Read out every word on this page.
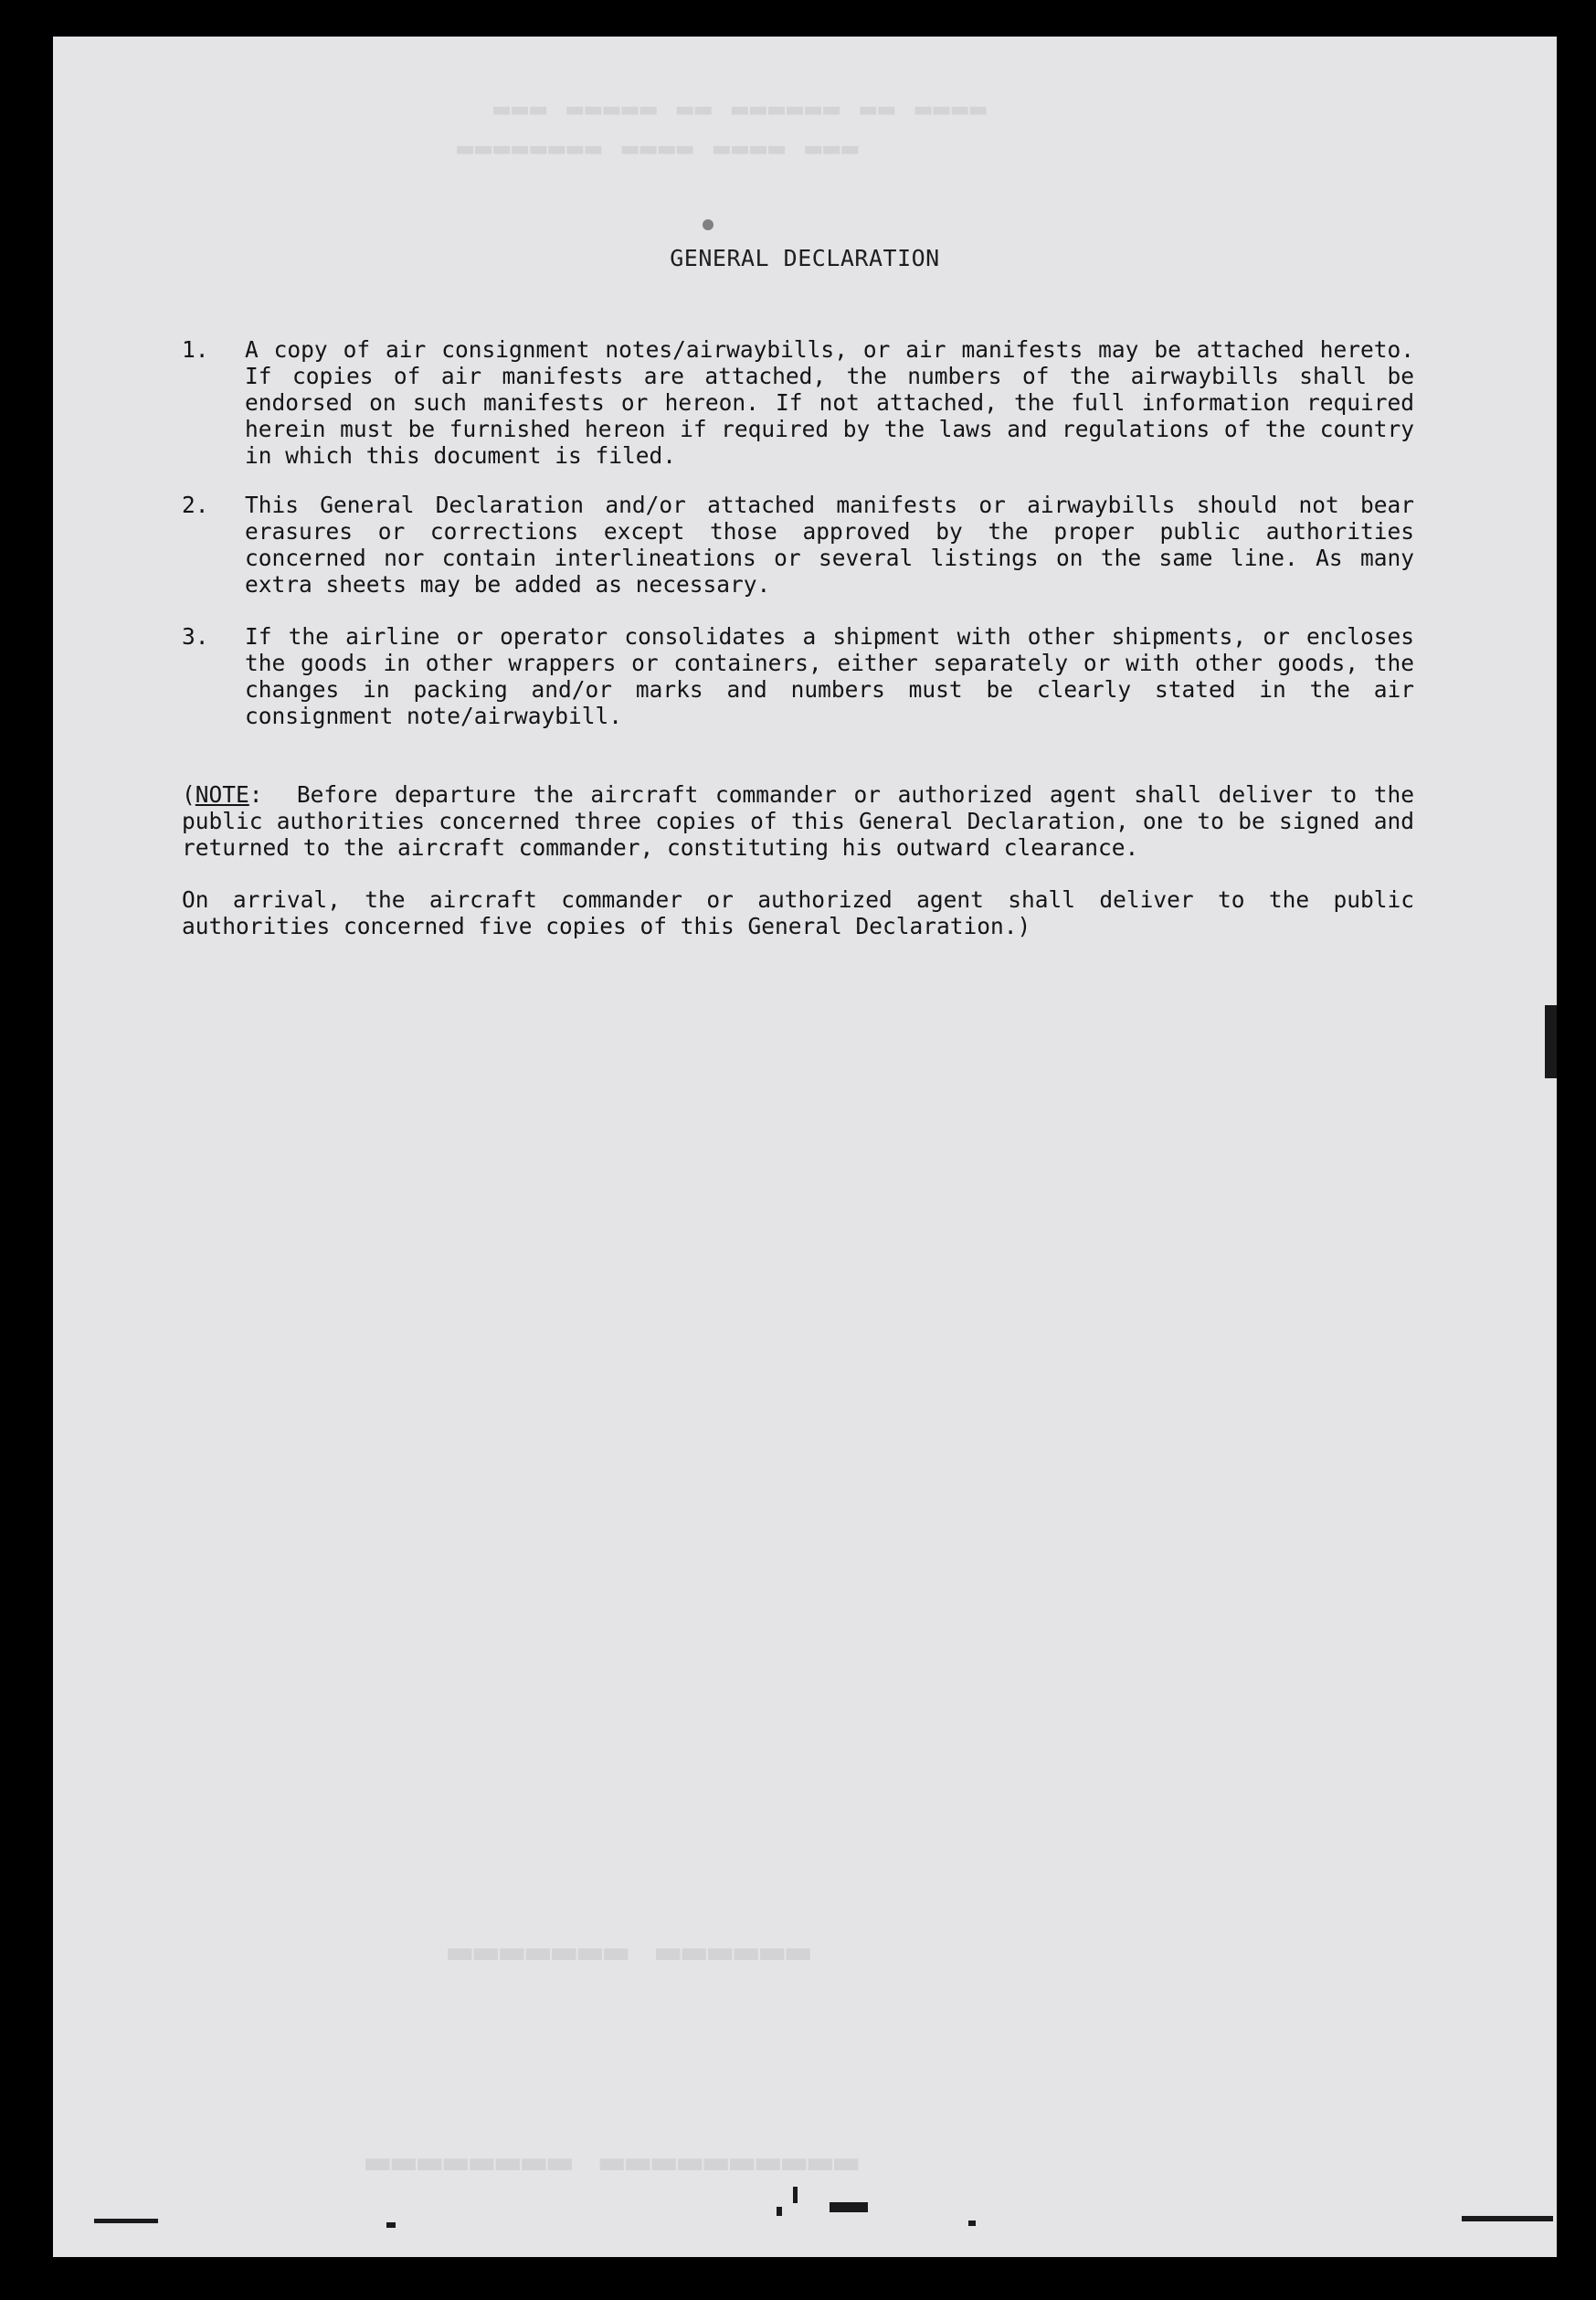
▬▬▬▬ ▬▬ ▬▬▬▬▬▬ ▬▬ ▬▬▬▬▬ ▬▬▬
▬▬▬ ▬▬▬▬ ▬▬▬▬ ▬▬▬▬▬▬▬▬
▬▬▬▬▬▬ ▬▬▬▬▬▬▬
▬▬▬▬▬▬▬▬▬▬ ▬▬▬▬▬▬▬▬
GENERAL DECLARATION
1. A copy of air consignment notes/airwaybills, or air manifests may be attached hereto. If copies of air manifests are attached, the numbers of the airwaybills shall be endorsed on such manifests or hereon. If not attached, the full information required herein must be furnished hereon if required by the laws and regulations of the country in which this document is filed.
2. This General Declaration and/or attached manifests or airwaybills should not bear erasures or corrections except those approved by the proper public authorities concerned nor contain interlineations or several listings on the same line. As many extra sheets may be added as necessary.
3. If the airline or operator consolidates a shipment with other shipments, or encloses the goods in other wrappers or containers, either separately or with other goods, the changes in packing and/or marks and numbers must be clearly stated in the air consignment note/airwaybill.
(NOTE: Before departure the aircraft commander or authorized agent shall deliver to the public authorities concerned three copies of this General Declaration, one to be signed and returned to the aircraft commander, constituting his outward clearance.
On arrival, the aircraft commander or authorized agent shall deliver to the public authorities concerned five copies of this General Declaration.)
